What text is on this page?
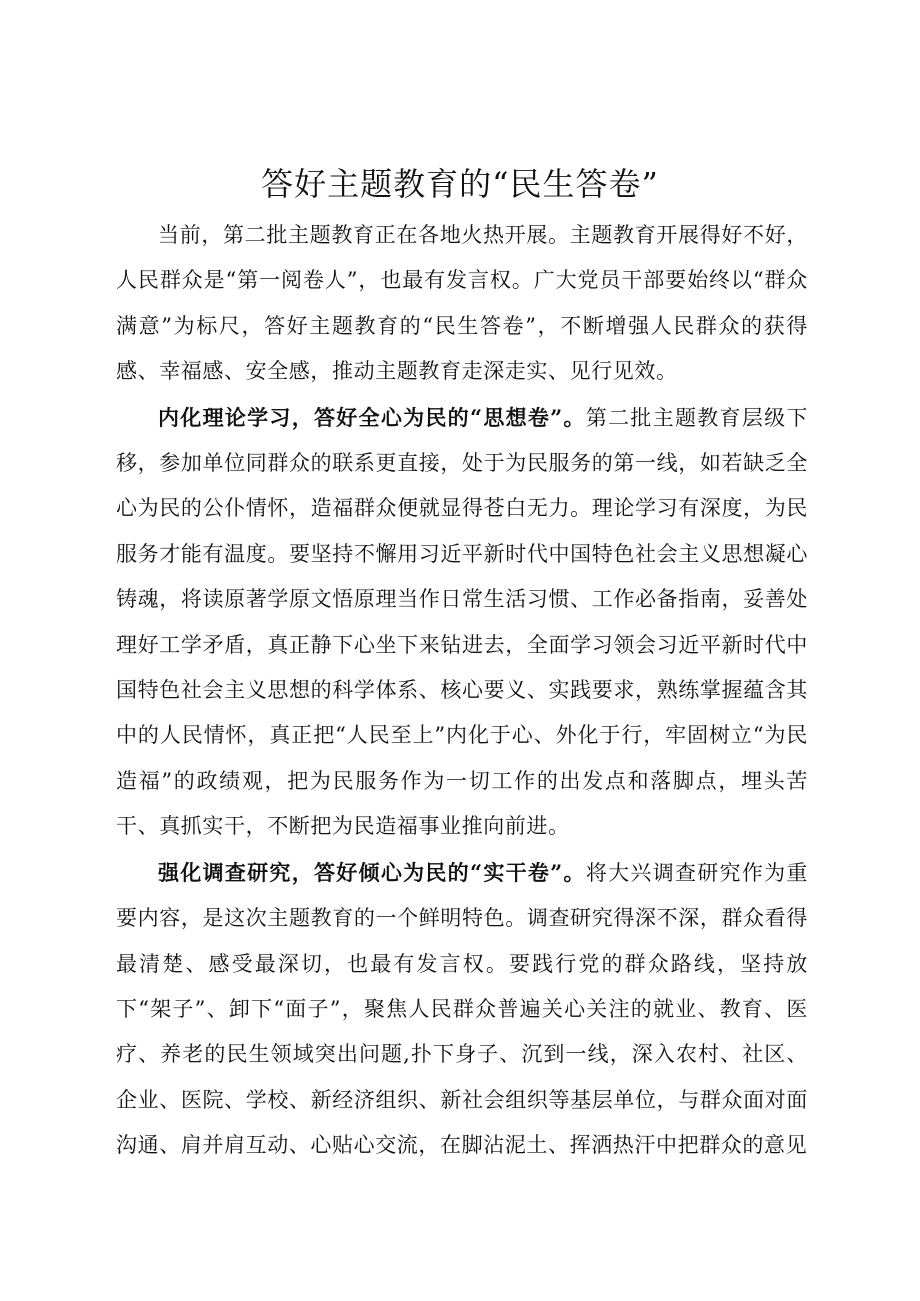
答好主题教育的“民生答卷”

当前，第二批主题教育正在各地火热开展。主题教育开展得好不好，人民群众是“第一阅卷人”，也最有发言权。广大党员干部要始终以“群众满意”为标尺，答好主题教育的“民生答卷”，不断增强人民群众的获得感、幸福感、安全感，推动主题教育走深走实、见行见效。

内化理论学习，答好全心为民的“思想卷”。第二批主题教育层级下移，参加单位同群众的联系更直接，处于为民服务的第一线，如若缺乏全心为民的公仆情怀，造福群众便就显得苍白无力。理论学习有深度，为民服务才能有温度。要坚持不懈用习近平新时代中国特色社会主义思想凝心铸魂，将读原著学原文悟原理当作日常生活习惯、工作必备指南，妥善处理好工学矛盾，真正静下心坐下来钻进去，全面学习领会习近平新时代中国特色社会主义思想的科学体系、核心要义、实践要求，熟练掌握蕴含其中的人民情怀，真正把“人民至上”内化于心、外化于行，牢固树立“为民造福”的政绩观，把为民服务作为一切工作的出发点和落脚点，埋头苦干、真抓实干，不断把为民造福事业推向前进。

强化调查研究，答好倾心为民的“实干卷”。将大兴调查研究作为重要内容，是这次主题教育的一个鲜明特色。调查研究得深不深，群众看得最清楚、感受最深切，也最有发言权。要践行党的群众路线，坚持放下“架子”、卸下“面子”，聚焦人民群众普遍关心关注的就业、教育、医疗、养老的民生领域突出问题,扑下身子、沉到一线，深入农村、社区、企业、医院、学校、新经济组织、新社会组织等基层单位，与群众面对面沟通、肩并肩互动、心贴心交流，在脚沾泥土、挥洒热汗中把群众的意见
